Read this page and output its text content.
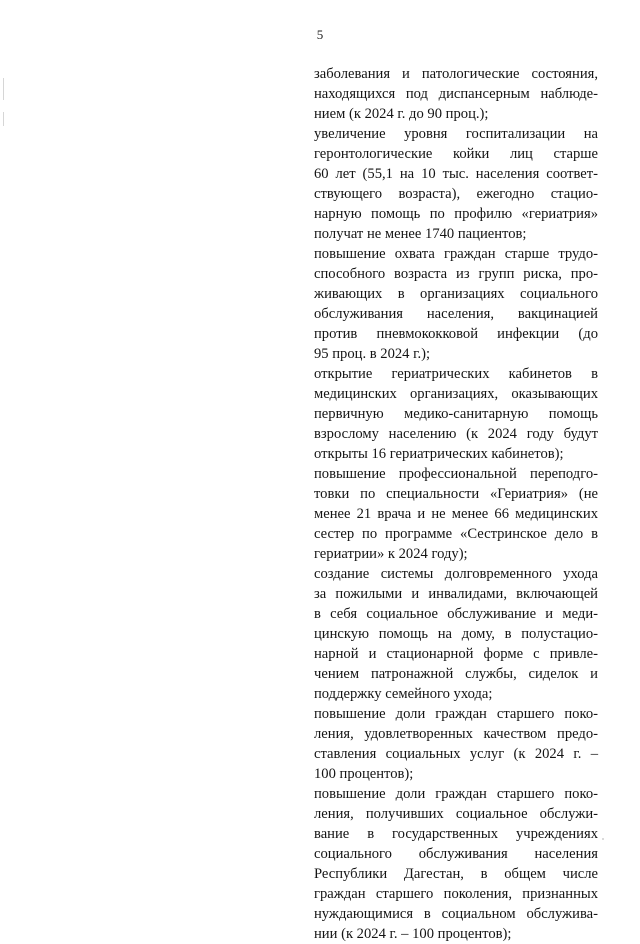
5
заболевания и патологические состояния,
находящихся под диспансерным наблюде-
нием (к 2024 г. до 90 проц.);
увеличение уровня госпитализации на
геронтологические койки лиц старше
60 лет (55,1 на 10 тыс. населения соответ-
ствующего возраста), ежегодно стацио-
нарную помощь по профилю «гериатрия»
получат не менее 1740 пациентов;
повышение охвата граждан старше трудо-
способного возраста из групп риска, про-
живающих в организациях социального
обслуживания населения, вакцинацией
против пневмококковой инфекции (до
95 проц. в 2024 г.);
открытие гериатрических кабинетов в
медицинских организациях, оказывающих
первичную медико-санитарную помощь
взрослому населению (к 2024 году будут
открыты 16 гериатрических кабинетов);
повышение профессиональной переподго-
товки по специальности «Гериатрия» (не
менее 21 врача и не менее 66 медицинских
сестер по программе «Сестринское дело в
гериатрии» к 2024 году);
создание системы долговременного ухода
за пожилыми и инвалидами, включающей
в себя социальное обслуживание и меди-
цинскую помощь на дому, в полустацио-
нарной и стационарной форме с привле-
чением патронажной службы, сиделок и
поддержку семейного ухода;
повышение доли граждан старшего поко-
ления, удовлетворенных качеством предо-
ставления социальных услуг (к 2024 г. –
100 процентов);
повышение доли граждан старшего поко-
ления, получивших социальное обслужи-
вание в государственных учреждениях
социального обслуживания населения
Республики Дагестан, в общем числе
граждан старшего поколения, признанных
нуждающимися в социальном обслужива-
нии (к 2024 г. – 100 процентов);
